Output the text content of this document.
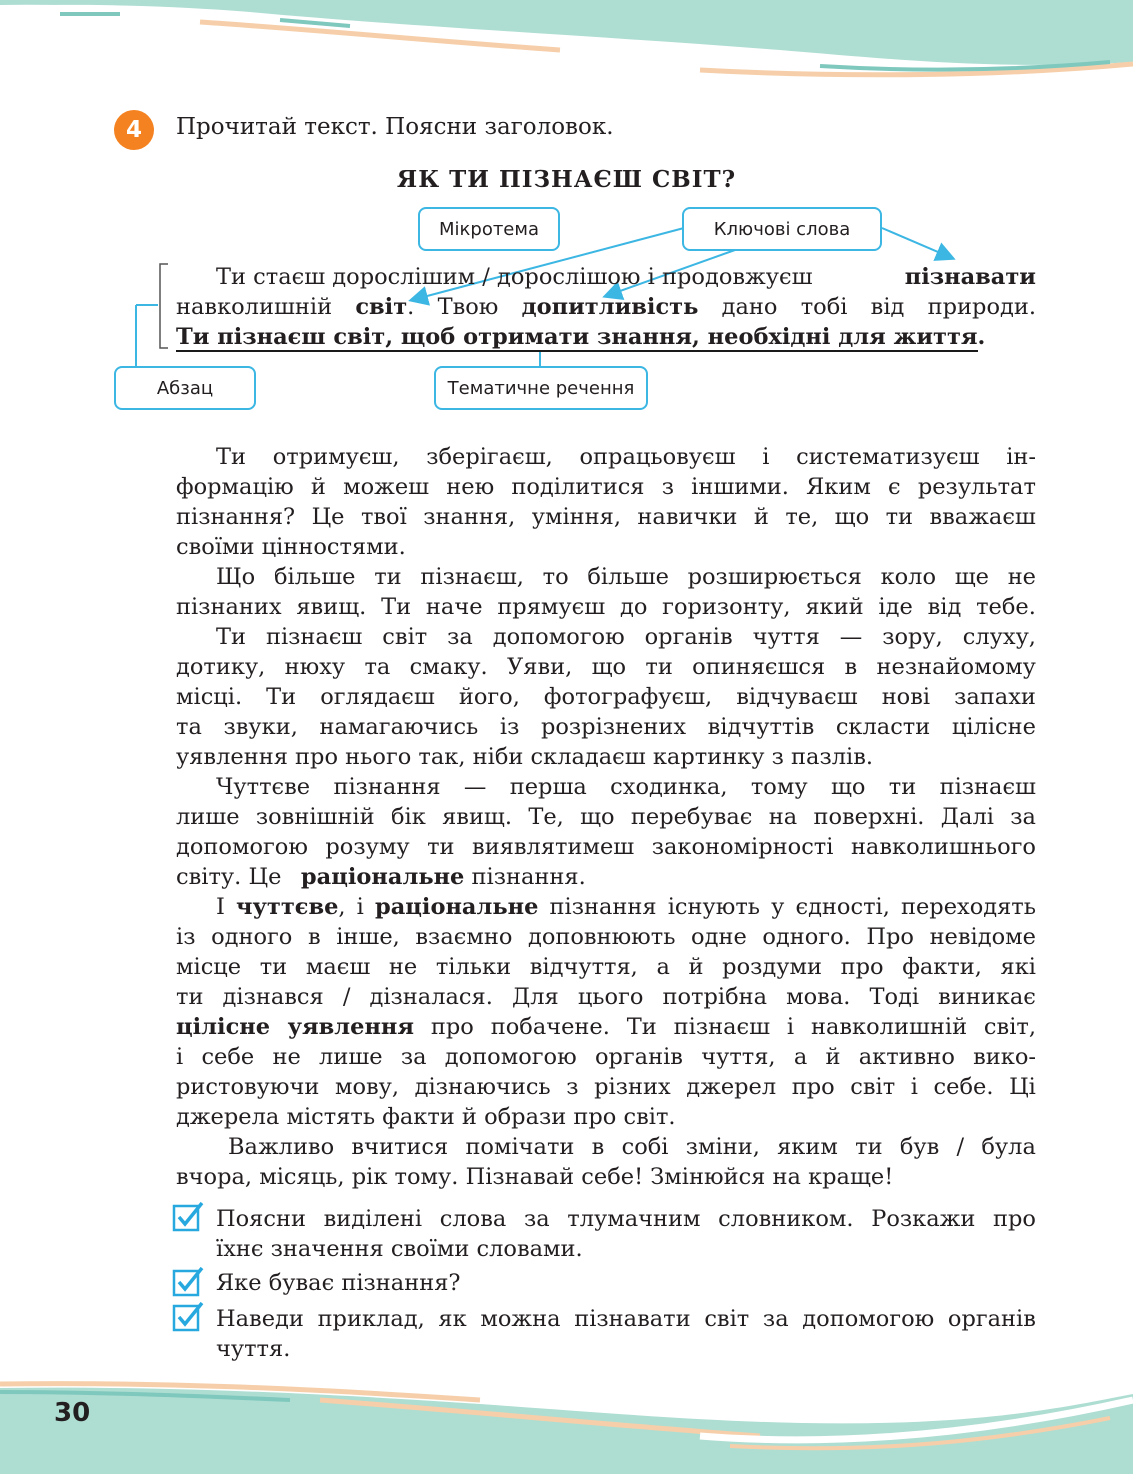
4	Прочитай текст. Поясни заголовок.
ЯК ТИ ПІЗНАЄШ СВІТ?
Мікротема	Ключові слова
Абзац	Тематичне речення
Ти стаєш дорослішим / дорослішою і продовжуєш	пізнавати
навколишній світ. Твою допитливість дано тобі від природи.
Ти пізнаєш світ, щоб отримати знання, необхідні для життя .
Ти отримуєш, зберігаєш, опрацьовуєш і систематизуєш ін-
формацію й можеш нею поділитися з іншими. Яким є результат
пізнання? Це твої знання, уміння, навички й те, що ти вважаєш
своїми цінностями.
Що більше ти пізнаєш, то більше розширюється коло ще не
пізнаних явищ. Ти наче прямуєш до горизонту, який іде від тебе.
Ти пізнаєш світ за допомогою органів чуття — зору, слуху,
дотику, нюху та смаку. Уяви, що ти опиняєшся в незнайомому
місці. Ти оглядаєш його, фотографуєш, відчуваєш нові запахи
та звуки, намагаючись із розрізнених відчуттів скласти цілісне
уявлення про нього так, ніби складаєш картинку з пазлів.
Чуттєве пізнання — перша сходинка, тому що ти пізнаєш
лише зовнішній бік явищ. Те, що перебуває на поверхні. Далі за
допомогою розуму ти виявлятимеш закономірності навколишнього
світу. Це раціональне пізнання.
І чуттєве, і раціональне пізнання існують у єдності, переходять
із одного в інше, взаємно доповнюють одне одного. Про невідоме
місце ти маєш не тільки відчуття, а й роздуми про факти, які
ти дізнався / дізналася. Для цього потрібна мова. Тоді виникає
цілісне уявлення про побачене. Ти пізнаєш і навколишній світ,
і себе не лише за допомогою органів чуття, а й активно вико-
ристовуючи мову, дізнаючись з різних джерел про світ і себе. Ці
джерела містять факти й образи про світ.
Важливо вчитися помічати в собі зміни, яким ти був / була
вчора, місяць, рік тому. Пізнавай себе! Змінюйся на краще!
Поясни виділені слова за тлумачним словником. Розкажи про
їхнє значення своїми словами.
Яке буває пізнання?
Наведи приклад, як можна пізнавати світ за допомогою органів
чуття.
30
